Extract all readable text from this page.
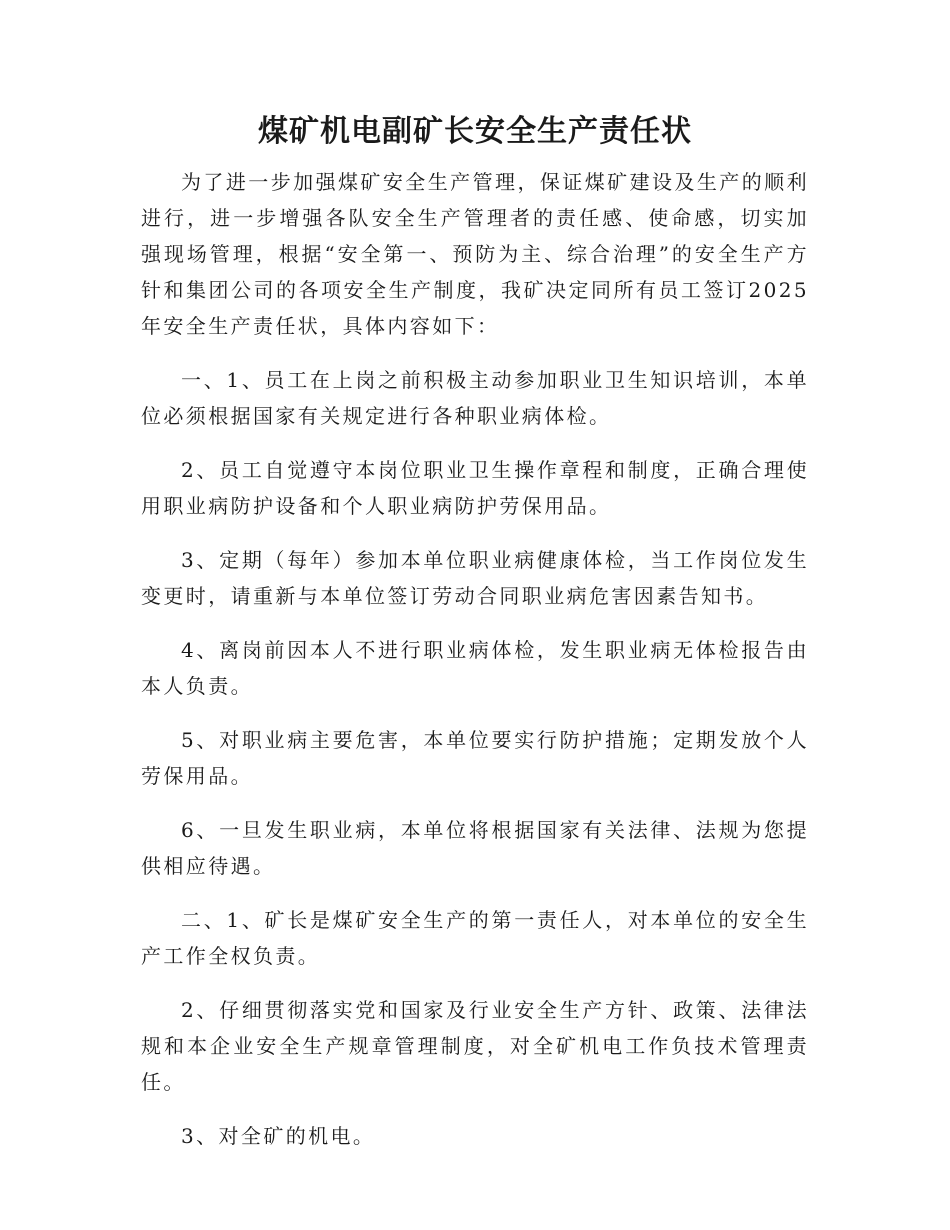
煤矿机电副矿长安全生产责任状

为了进一步加强煤矿安全生产管理，保证煤矿建设及生产的顺利进行，进一步增强各队安全生产管理者的责任感、使命感，切实加强现场管理，根据“安全第一、预防为主、综合治理”的安全生产方针和集团公司的各项安全生产制度，我矿决定同所有员工签订2025年安全生产责任状，具体内容如下：

一、1、员工在上岗之前积极主动参加职业卫生知识培训，本单位必须根据国家有关规定进行各种职业病体检。

2、员工自觉遵守本岗位职业卫生操作章程和制度，正确合理使用职业病防护设备和个人职业病防护劳保用品。

3、定期（每年）参加本单位职业病健康体检，当工作岗位发生变更时，请重新与本单位签订劳动合同职业病危害因素告知书。

4、离岗前因本人不进行职业病体检，发生职业病无体检报告由本人负责。

5、对职业病主要危害，本单位要实行防护措施；定期发放个人劳保用品。

6、一旦发生职业病，本单位将根据国家有关法律、法规为您提供相应待遇。

二、1、矿长是煤矿安全生产的第一责任人，对本单位的安全生产工作全权负责。

2、仔细贯彻落实党和国家及行业安全生产方针、政策、法律法规和本企业安全生产规章管理制度，对全矿机电工作负技术管理责任。

3、对全矿的机电。
